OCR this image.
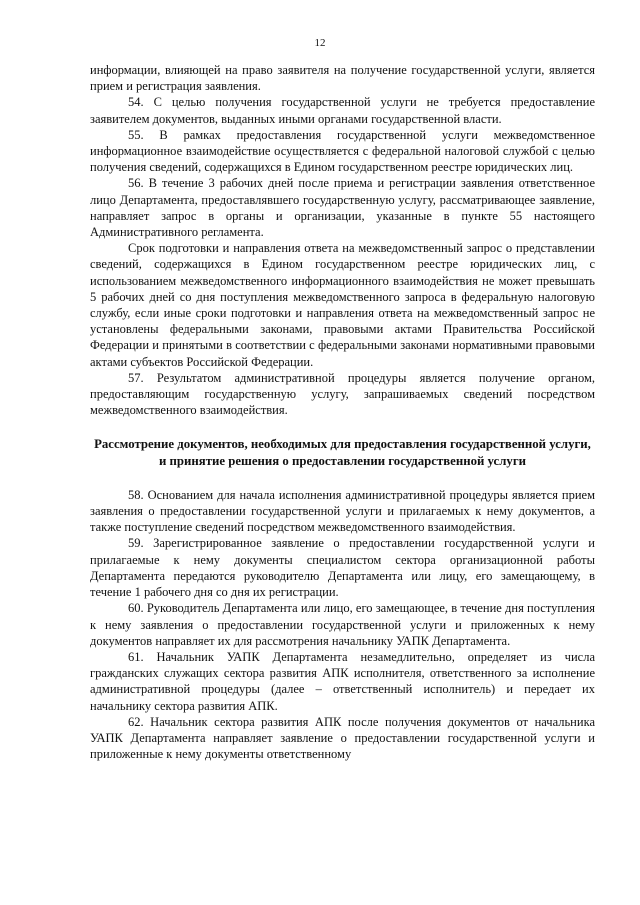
12

информации, влияющей на право заявителя на получение государственной услуги, является прием и регистрация заявления.

54. С целью получения государственной услуги не требуется предоставление заявителем документов, выданных иными органами государственной власти.

55. В рамках предоставления государственной услуги межведомственное информационное взаимодействие осуществляется с федеральной налоговой службой с целью получения сведений, содержащихся в Едином государственном реестре юридических лиц.

56. В течение 3 рабочих дней после приема и регистрации заявления ответственное лицо Департамента, предоставлявшего государственную услугу, рассматривающее заявление, направляет запрос в органы и организации, указанные в пункте 55 настоящего Административного регламента.

Срок подготовки и направления ответа на межведомственный запрос о представлении сведений, содержащихся в Едином государственном реестре юридических лиц, с использованием межведомственного информационного взаимодействия не может превышать 5 рабочих дней со дня поступления межведомственного запроса в федеральную налоговую службу, если иные сроки подготовки и направления ответа на межведомственный запрос не установлены федеральными законами, правовыми актами Правительства Российской Федерации и принятыми в соответствии с федеральными законами нормативными правовыми актами субъектов Российской Федерации.

57. Результатом административной процедуры является получение органом, предоставляющим государственную услугу, запрашиваемых сведений посредством межведомственного взаимодействия.

Рассмотрение документов, необходимых для предоставления государственной услуги, и принятие решения о предоставлении государственной услуги

58. Основанием для начала исполнения административной процедуры является прием заявления о предоставлении государственной услуги и прилагаемых к нему документов, а также поступление сведений посредством межведомственного взаимодействия.

59. Зарегистрированное заявление о предоставлении государственной услуги и прилагаемые к нему документы специалистом сектора организационной работы Департамента передаются руководителю Департамента или лицу, его замещающему, в течение 1 рабочего дня со дня их регистрации.

60. Руководитель Департамента или лицо, его замещающее, в течение дня поступления к нему заявления о предоставлении государственной услуги и приложенных к нему документов направляет их для рассмотрения начальнику УАПК Департамента.

61. Начальник УАПК Департамента незамедлительно, определяет из числа гражданских служащих сектора развития АПК исполнителя, ответственного за исполнение административной процедуры (далее – ответственный исполнитель) и передает их начальнику сектора развития АПК.

62. Начальник сектора развития АПК после получения документов от начальника УАПК Департамента направляет заявление о предоставлении государственной услуги и приложенные к нему документы ответственному
